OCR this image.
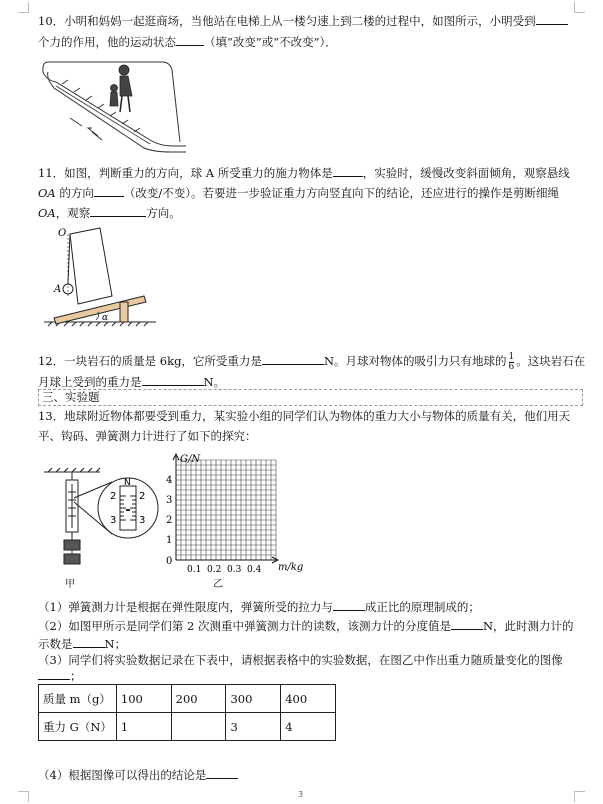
10．小明和妈妈一起逛商场，当他站在电梯上从一楼匀速上到二楼的过程中，如图所示，小明受到
个力的作用，他的运动状态 （填“改变”或“不改变”）．
11．如图，判断重力的方向，球 A 所受重力的施力物体是	，实验时，缓慢改变斜面倾角，观察悬线
OA 的方向	（改变/不变）。若要进一步验证重力方向竖直向下的结论，还应进行的操作是剪断细绳
OA，观察	方向。
O
A
α
12．一块岩石的质量是 6kg，它所受重力是	N。月球对物体的吸引力只有地球的 $\frac{1}{6}$ 。这块岩石在
月球上受到的重力是	N。
三、实验题
13．地球附近物体都要受到重力，某实验小组的同学们认为物体的重力大小与物体的质量有关，他们用天
平、钩码、弹簧测力计进行了如下的探究：
N
2
3
2
3
甲
G/N
m/kg
0
4
3
2
1
0.1 0.2 0.3 0.4
乙
（1）弹簧测力计是根据在弹性限度内，弹簧所受的拉力与	成正比的原理制成的；
（2）如图甲所示是同学们第 2 次测重中弹簧测力计的读数，该测力计的分度值是	N，此时测力计的
示数是	N；
（3）同学们将实验数据记录在下表中，请根据表格中的实验数据，在图乙中作出重力随质量变化的图像
；
质量 m（g）	100	200	300	400
重力 G（N）	1		3	4
（4）根据图像可以得出的结论是
3
